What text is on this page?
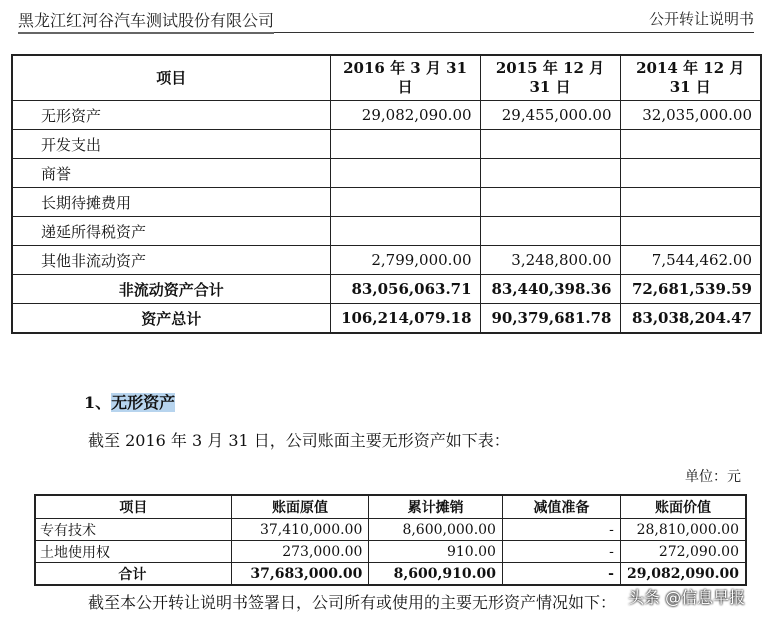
黑龙江红河谷汽车测试股份有限公司	公开转让说明书
项目	2016 年 3 月 31 日	2015 年 12 月 31 日	2014 年 12 月 31 日
无形资产	29,082,090.00	29,455,000.00	32,035,000.00
开发支出			
商誉			
长期待摊费用			
递延所得税资产			
其他非流动资产	2,799,000.00	3,248,800.00	7,544,462.00
非流动资产合计	83,056,063.71	83,440,398.36	72,681,539.59
资产总计	106,214,079.18	90,379,681.78	83,038,204.47
1、无形资产
截至 2016 年 3 月 31 日，公司账面主要无形资产如下表：
单位：元
项目	账面原值	累计摊销	减值准备	账面价值
专有技术	37,410,000.00	8,600,000.00	-	28,810,000.00
土地使用权	273,000.00	910.00	-	272,090.00
合计	37,683,000.00	8,600,910.00	-	29,082,090.00
截至本公开转让说明书签署日，公司所有或使用的主要无形资产情况如下： 头条 @信息早报
